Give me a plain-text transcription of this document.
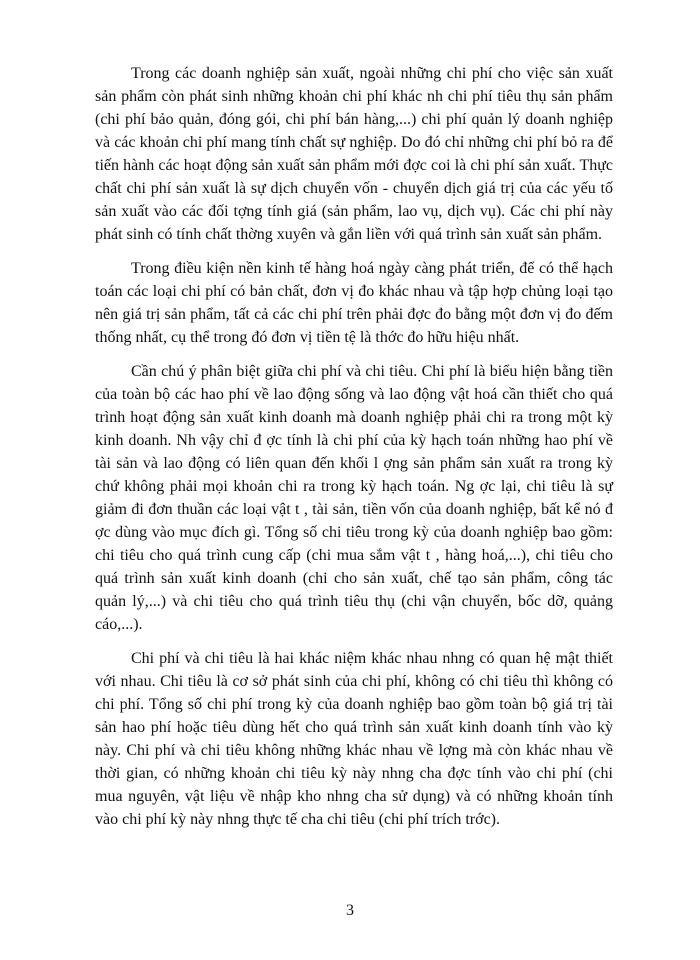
Trong các doanh nghiệp sản xuất, ngoài những chi phí cho việc sản xuất sản phẩm còn phát sinh những khoản chi phí khác nh chi phí tiêu thụ sản phẩm (chi phí bảo quản, đóng gói, chi phí bán hàng,...) chi phí quản lý doanh nghiệp và các khoản chi phí mang tính chất sự nghiệp. Do đó chỉ những chi phí bỏ ra để tiến hành các hoạt động sản xuất sản phẩm mới đợc coi là chi phí sản xuất. Thực chất chi phí sản xuất là sự dịch chuyển vốn - chuyển dịch giá trị của các yếu tố sản xuất vào các đối tợng tính giá (sản phẩm, lao vụ, dịch vụ). Các chi phí này phát sinh có tính chất thờng xuyên và gắn liền với quá trình sản xuất sản phẩm.

Trong điều kiện nền kinh tế hàng hoá ngày càng phát triển, để có thể hạch toán các loại chi phí có bản chất, đơn vị đo khác nhau và tập hợp chủng loại tạo nên giá trị sản phẩm, tất cả các chi phí trên phải đợc đo bằng một đơn vị đo đếm thống nhất, cụ thể trong đó đơn vị tiền tệ là thớc đo hữu hiệu nhất.

Cần chú ý phân biệt giữa chi phí và chi tiêu. Chi phí là biểu hiện bằng tiền của toàn bộ các hao phí về lao động sống và lao động vật hoá cần thiết cho quá trình hoạt động sản xuất kinh doanh mà doanh nghiệp phải chi ra trong một kỳ kinh doanh. Nh vậy chỉ đ ợc tính là chi phí của kỳ hạch toán những hao phí về tài sản và lao động có liên quan đến khối l ợng sản phẩm sản xuất ra trong kỳ chứ không phải mọi khoản chi ra trong kỳ hạch toán. Ng ợc lại, chi tiêu là sự giảm đi đơn thuần các loại vật t , tài sản, tiền vốn của doanh nghiệp, bất kể nó đ ợc dùng vào mục đích gì. Tổng số chi tiêu trong kỳ của doanh nghiệp bao gồm: chi tiêu cho quá trình cung cấp (chi mua sắm vật t , hàng hoá,...), chi tiêu cho quá trình sản xuất kinh doanh (chi cho sản xuất, chế tạo sản phẩm, công tác quản lý,...) và chi tiêu cho quá trình tiêu thụ (chi vận chuyển, bốc dỡ, quảng cáo,...).

Chi phí và chi tiêu là hai khác niệm khác nhau nhng có quan hệ mật thiết với nhau. Chi tiêu là cơ sở phát sinh của chi phí, không có chi tiêu thì không có chi phí. Tổng số chi phí trong kỳ của doanh nghiệp bao gồm toàn bộ giá trị tài sản hao phí hoặc tiêu dùng hết cho quá trình sản xuất kinh doanh tính vào kỳ này. Chi phí và chi tiêu không những khác nhau về lợng mà còn khác nhau về thời gian, có những khoản chi tiêu kỳ này nhng cha đợc tính vào chi phí (chi mua nguyên, vật liệu về nhập kho nhng cha sử dụng) và có những khoản tính vào chi phí kỳ này nhng thực tế cha chi tiêu (chi phí trích trớc).

3
